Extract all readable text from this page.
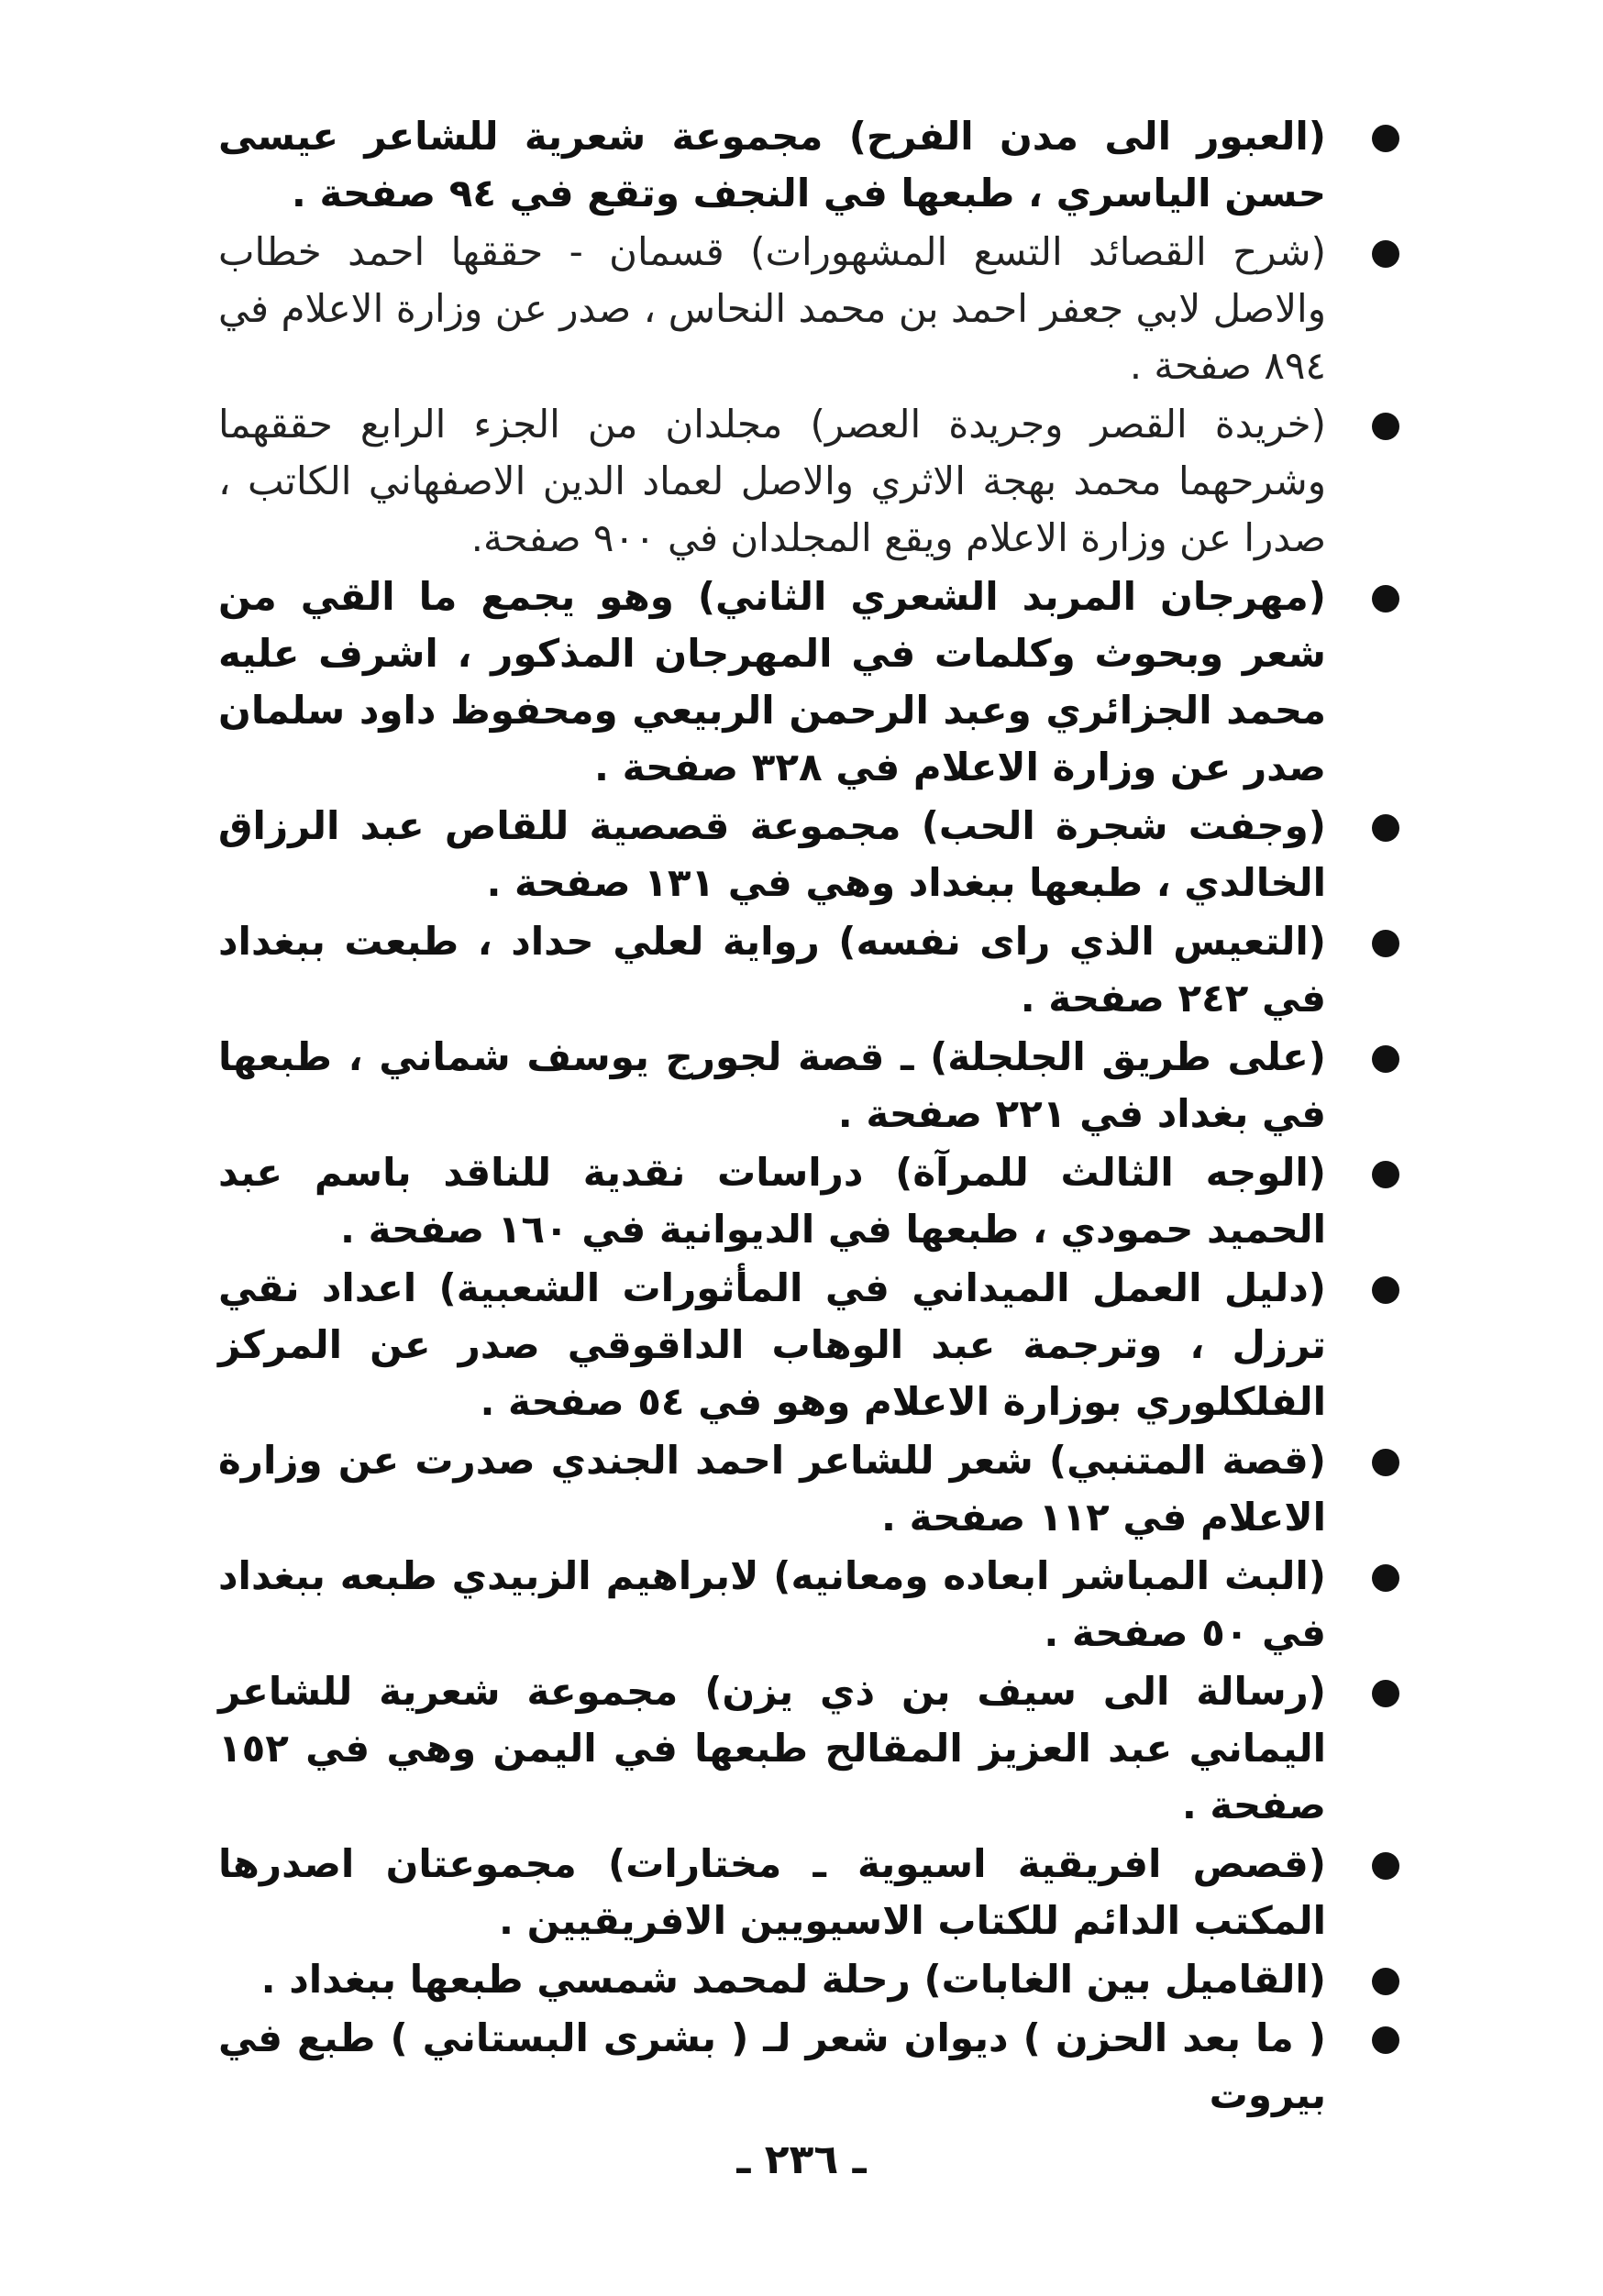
(العبور الى مدن الفرح) مجموعة شعرية للشاعر عيسى حسن الياسري ، طبعها في النجف وتقع في ٩٤ صفحة .
(شرح القصائد التسع المشهورات) قسمان - حققها احمد خطاب والاصل لابي جعفر احمد بن محمد النحاس ، صدر عن وزارة الاعلام في ٨٩٤ صفحة .
(خريدة القصر وجريدة العصر) مجلدان من الجزء الرابع حققهما وشرحهما محمد بهجة الاثري والاصل لعماد الدين الاصفهاني الكاتب ، صدرا عن وزارة الاعلام ويقع المجلدان في ٩٠٠ صفحة.
(مهرجان المربد الشعري الثاني) وهو يجمع ما القي من شعر وبحوث وكلمات في المهرجان المذكور ، اشرف عليه محمد الجزائري وعبد الرحمن الربيعي ومحفوظ داود سلمان صدر عن وزارة الاعلام في ٣٢٨ صفحة .
(وجفت شجرة الحب) مجموعة قصصية للقاص عبد الرزاق الخالدي ، طبعها ببغداد وهي في ١٣١ صفحة .
(التعيس الذي راى نفسه) رواية لعلي حداد ، طبعت ببغداد في ٢٤٢ صفحة .
(على طريق الجلجلة) ـ قصة لجورج يوسف شماني ، طبعها في بغداد في ٢٢١ صفحة .
(الوجه الثالث للمرآة) دراسات نقدية للناقد باسم عبد الحميد حمودي ، طبعها في الديوانية في ١٦٠ صفحة .
(دليل العمل الميداني في المأثورات الشعبية) اعداد نقي ترزل ، وترجمة عبد الوهاب الداقوقي صدر عن المركز الفلكلوري بوزارة الاعلام وهو في ٥٤ صفحة .
(قصة المتنبي) شعر للشاعر احمد الجندي صدرت عن وزارة الاعلام في ١١٢ صفحة .
(البث المباشر ابعاده ومعانيه) لابراهيم الزبيدي طبعه ببغداد في ٥٠ صفحة .
(رسالة الى سيف بن ذي يزن) مجموعة شعرية للشاعر اليماني عبد العزيز المقالح طبعها في اليمن وهي في ١٥٢ صفحة .
(قصص افريقية اسيوية ـ مختارات) مجموعتان اصدرها المكتب الدائم للكتاب الاسيويين الافريقيين .
(القاميل بين الغابات) رحلة لمحمد شمسي طبعها ببغداد .
( ما بعد الحزن ) ديوان شعر لـ ( بشرى البستاني ) طبع في بيروت
ـ ٢٣٦ ـ
